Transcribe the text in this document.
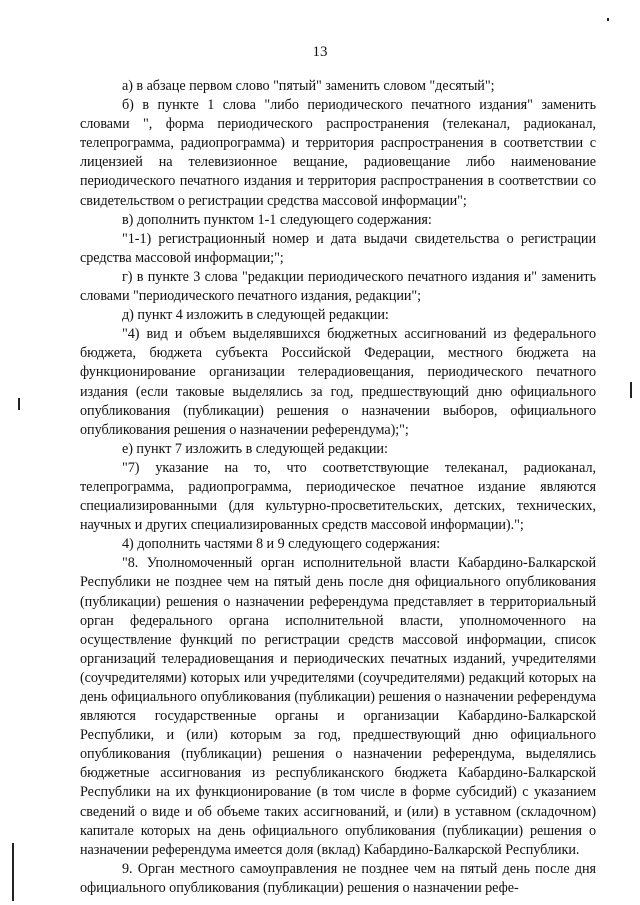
13

а) в абзаце первом слово "пятый" заменить словом "десятый";

б) в пункте 1 слова "либо периодического печатного издания" заменить словами ", форма периодического распространения (телеканал, радиоканал, телепрограмма, радиопрограмма) и территория распространения в соответствии с лицензией на телевизионное вещание, радиовещание либо наименование периодического печатного издания и территория распространения в соответствии со свидетельством о регистрации средства массовой информации";

в) дополнить пунктом 1-1 следующего содержания:

"1-1) регистрационный номер и дата выдачи свидетельства о регистрации средства массовой информации;";

г) в пункте 3 слова "редакции периодического печатного издания и" заменить словами "периодического печатного издания, редакции";

д) пункт 4 изложить в следующей редакции:

"4) вид и объем выделявшихся бюджетных ассигнований из федерального бюджета, бюджета субъекта Российской Федерации, местного бюджета на функционирование организации телерадиовещания, периодического печатного издания (если таковые выделялись за год, предшествующий дню официального опубликования (публикации) решения о назначении выборов, официального опубликования решения о назначении референдума);";

е) пункт 7 изложить в следующей редакции:

"7) указание на то, что соответствующие телеканал, радиоканал, телепрограмма, радиопрограмма, периодическое печатное издание являются специализированными (для культурно-просветительских, детских, технических, научных и других специализированных средств массовой информации).";

4) дополнить частями 8 и 9 следующего содержания:

"8. Уполномоченный орган исполнительной власти Кабардино-Балкарской Республики не позднее чем на пятый день после дня официального опубликования (публикации) решения о назначении референдума представляет в территориальный орган федерального органа исполнительной власти, уполномоченного на осуществление функций по регистрации средств массовой информации, список организаций телерадиовещания и периодических печатных изданий, учредителями (соучредителями) которых или учредителями (соучредителями) редакций которых на день официального опубликования (публикации) решения о назначении референдума являются государственные органы и организации Кабардино-Балкарской Республики, и (или) которым за год, предшествующий дню официального опубликования (публикации) решения о назначении референдума, выделялись бюджетные ассигнования из республиканского бюджета Кабардино-Балкарской Республики на их функционирование (в том числе в форме субсидий) с указанием сведений о виде и об объеме таких ассигнований, и (или) в уставном (складочном) капитале которых на день официального опубликования (публикации) решения о назначении референдума имеется доля (вклад) Кабардино-Балкарской Республики.

9. Орган местного самоуправления не позднее чем на пятый день после дня официального опубликования (публикации) решения о назначении рефе-
